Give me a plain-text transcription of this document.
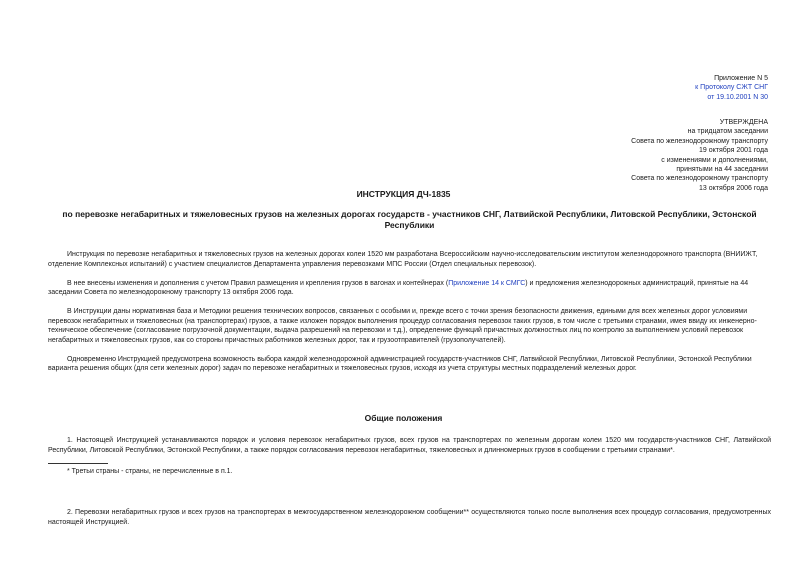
Приложение N 5
к Протоколу СЖТ СНГ
от 19.10.2001 N 30
УТВЕРЖДЕНА
на тридцатом заседании
Совета по железнодорожному транспорту
19 октября 2001 года
с изменениями и дополнениями,
принятыми на 44 заседании
Совета по железнодорожному транспорту
13 октября 2006 года
ИНСТРУКЦИЯ ДЧ-1835
по перевозке негабаритных и тяжеловесных грузов на железных дорогах государств - участников СНГ, Латвийской Республики, Литовской Республики, Эстонской Республики

Инструкция по перевозке негабаритных и тяжеловесных грузов на железных дорогах колеи 1520 мм разработана Всероссийским научно-исследовательским институтом железнодорожного транспорта (ВНИИЖТ, отделение Комплексных испытаний) с участием специалистов Департамента управления перевозками МПС России (Отдел специальных перевозок).

В нее внесены изменения и дополнения с учетом Правил размещения и крепления грузов в вагонах и контейнерах (Приложение 14 к СМГС) и предложения железнодорожных администраций, принятые на 44 заседании Совета по железнодорожному транспорту 13 октября 2006 года.

В Инструкции даны нормативная база и Методики решения технических вопросов, связанных с особыми и, прежде всего с точки зрения безопасности движения, едиными для всех железных дорог условиями перевозок негабаритных и тяжеловесных (на транспортерах) грузов, а также изложен порядок выполнения процедур согласования перевозок таких грузов, в том числе с третьими странами, имея ввиду их инженерно-техническое обеспечение (согласование погрузочной документации, выдача разрешений на перевозки и т.д.), определение функций причастных должностных лиц по контролю за выполнением условий перевозок негабаритных и тяжеловесных грузов, как со стороны причастных работников железных дорог, так и грузоотправителей (грузополучателей).

Одновременно Инструкцией предусмотрена возможность выбора каждой железнодорожной администрацией государств-участников СНГ, Латвийской Республики, Литовской Республики, Эстонской Республики варианта решения общих (для сети железных дорог) задач по перевозке негабаритных и тяжеловесных грузов, исходя из учета структуры местных подразделений железных дорог.

Общие положения
1. Настоящей Инструкцией устанавливаются порядок и условия перевозок негабаритных грузов, всех грузов на транспортерах по железным дорогам колеи 1520 мм государств-участников СНГ, Латвийской Республики, Литовской Республики, Эстонской Республики, а также порядок согласования перевозок негабаритных, тяжеловесных и длинномерных грузов в сообщении с третьими странами*.
* Третьи страны - страны, не перечисленные в п.1.
2. Перевозки негабаритных грузов и всех грузов на транспортерах в межгосударственном железнодорожном сообщении** осуществляются только после выполнения всех процедур согласования, предусмотренных настоящей Инструкцией.
